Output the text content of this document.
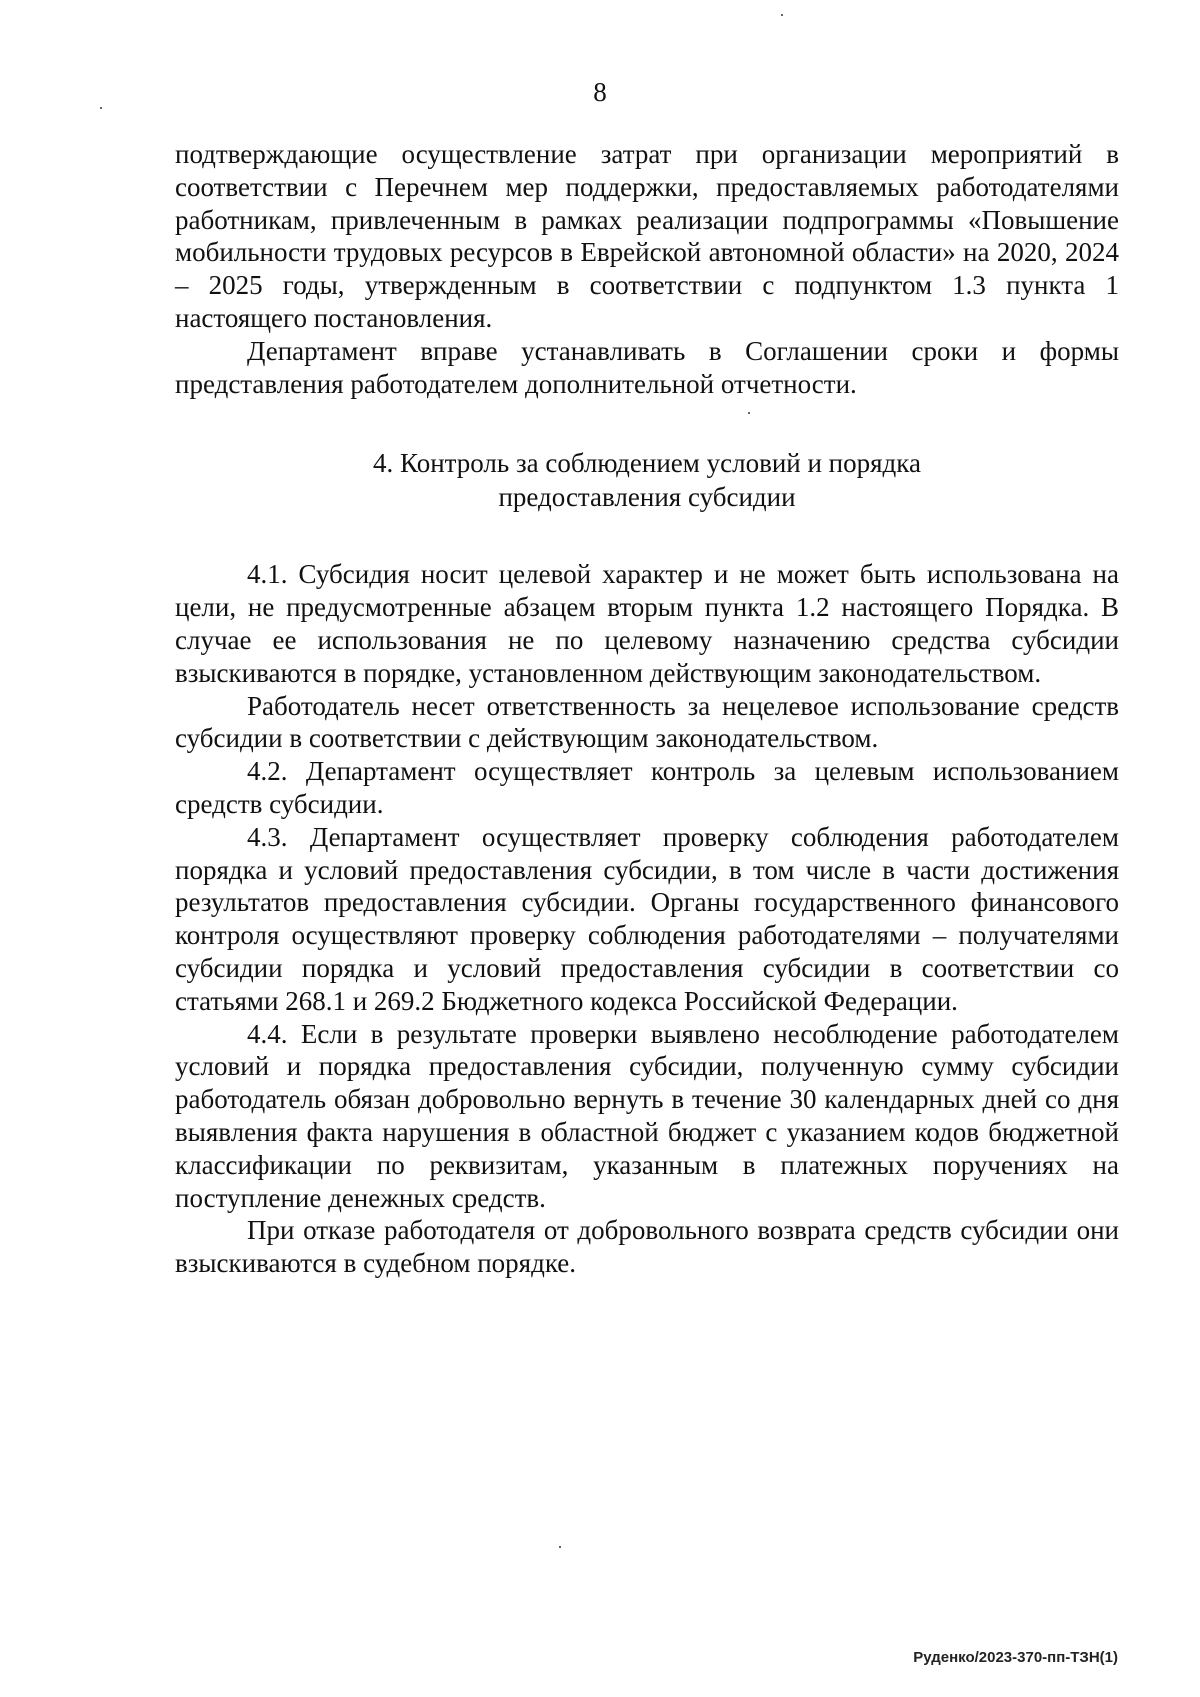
8

подтверждающие осуществление затрат при организации мероприятий в соответствии с Перечнем мер поддержки, предоставляемых работодателями работникам, привлеченным в рамках реализации подпрограммы «Повышение мобильности трудовых ресурсов в Еврейской автономной области» на 2020, 2024 – 2025 годы, утвержденным в соответствии с подпунктом 1.3 пункта 1 настоящего постановления.

Департамент вправе устанавливать в Соглашении сроки и формы представления работодателем дополнительной отчетности.

4. Контроль за соблюдением условий и порядка
предоставления субсидии

4.1. Субсидия носит целевой характер и не может быть использована на цели, не предусмотренные абзацем вторым пункта 1.2 настоящего Порядка. В случае ее использования не по целевому назначению средства субсидии взыскиваются в порядке, установленном действующим законодательством.

Работодатель несет ответственность за нецелевое использование средств субсидии в соответствии с действующим законодательством.

4.2. Департамент осуществляет контроль за целевым использованием средств субсидии.

4.3. Департамент осуществляет проверку соблюдения работодателем порядка и условий предоставления субсидии, в том числе в части достижения результатов предоставления субсидии. Органы государственного финансового контроля осуществляют проверку соблюдения работодателями – получателями субсидии порядка и условий предоставления субсидии в соответствии со статьями 268.1 и 269.2 Бюджетного кодекса Российской Федерации.

4.4. Если в результате проверки выявлено несоблюдение работодателем условий и порядка предоставления субсидии, полученную сумму субсидии работодатель обязан добровольно вернуть в течение 30 календарных дней со дня выявления факта нарушения в областной бюджет с указанием кодов бюджетной классификации по реквизитам, указанным в платежных поручениях на поступление денежных средств.

При отказе работодателя от добровольного возврата средств субсидии они взыскиваются в судебном порядке.

Руденко/2023-370-пп-ТЗН(1)
